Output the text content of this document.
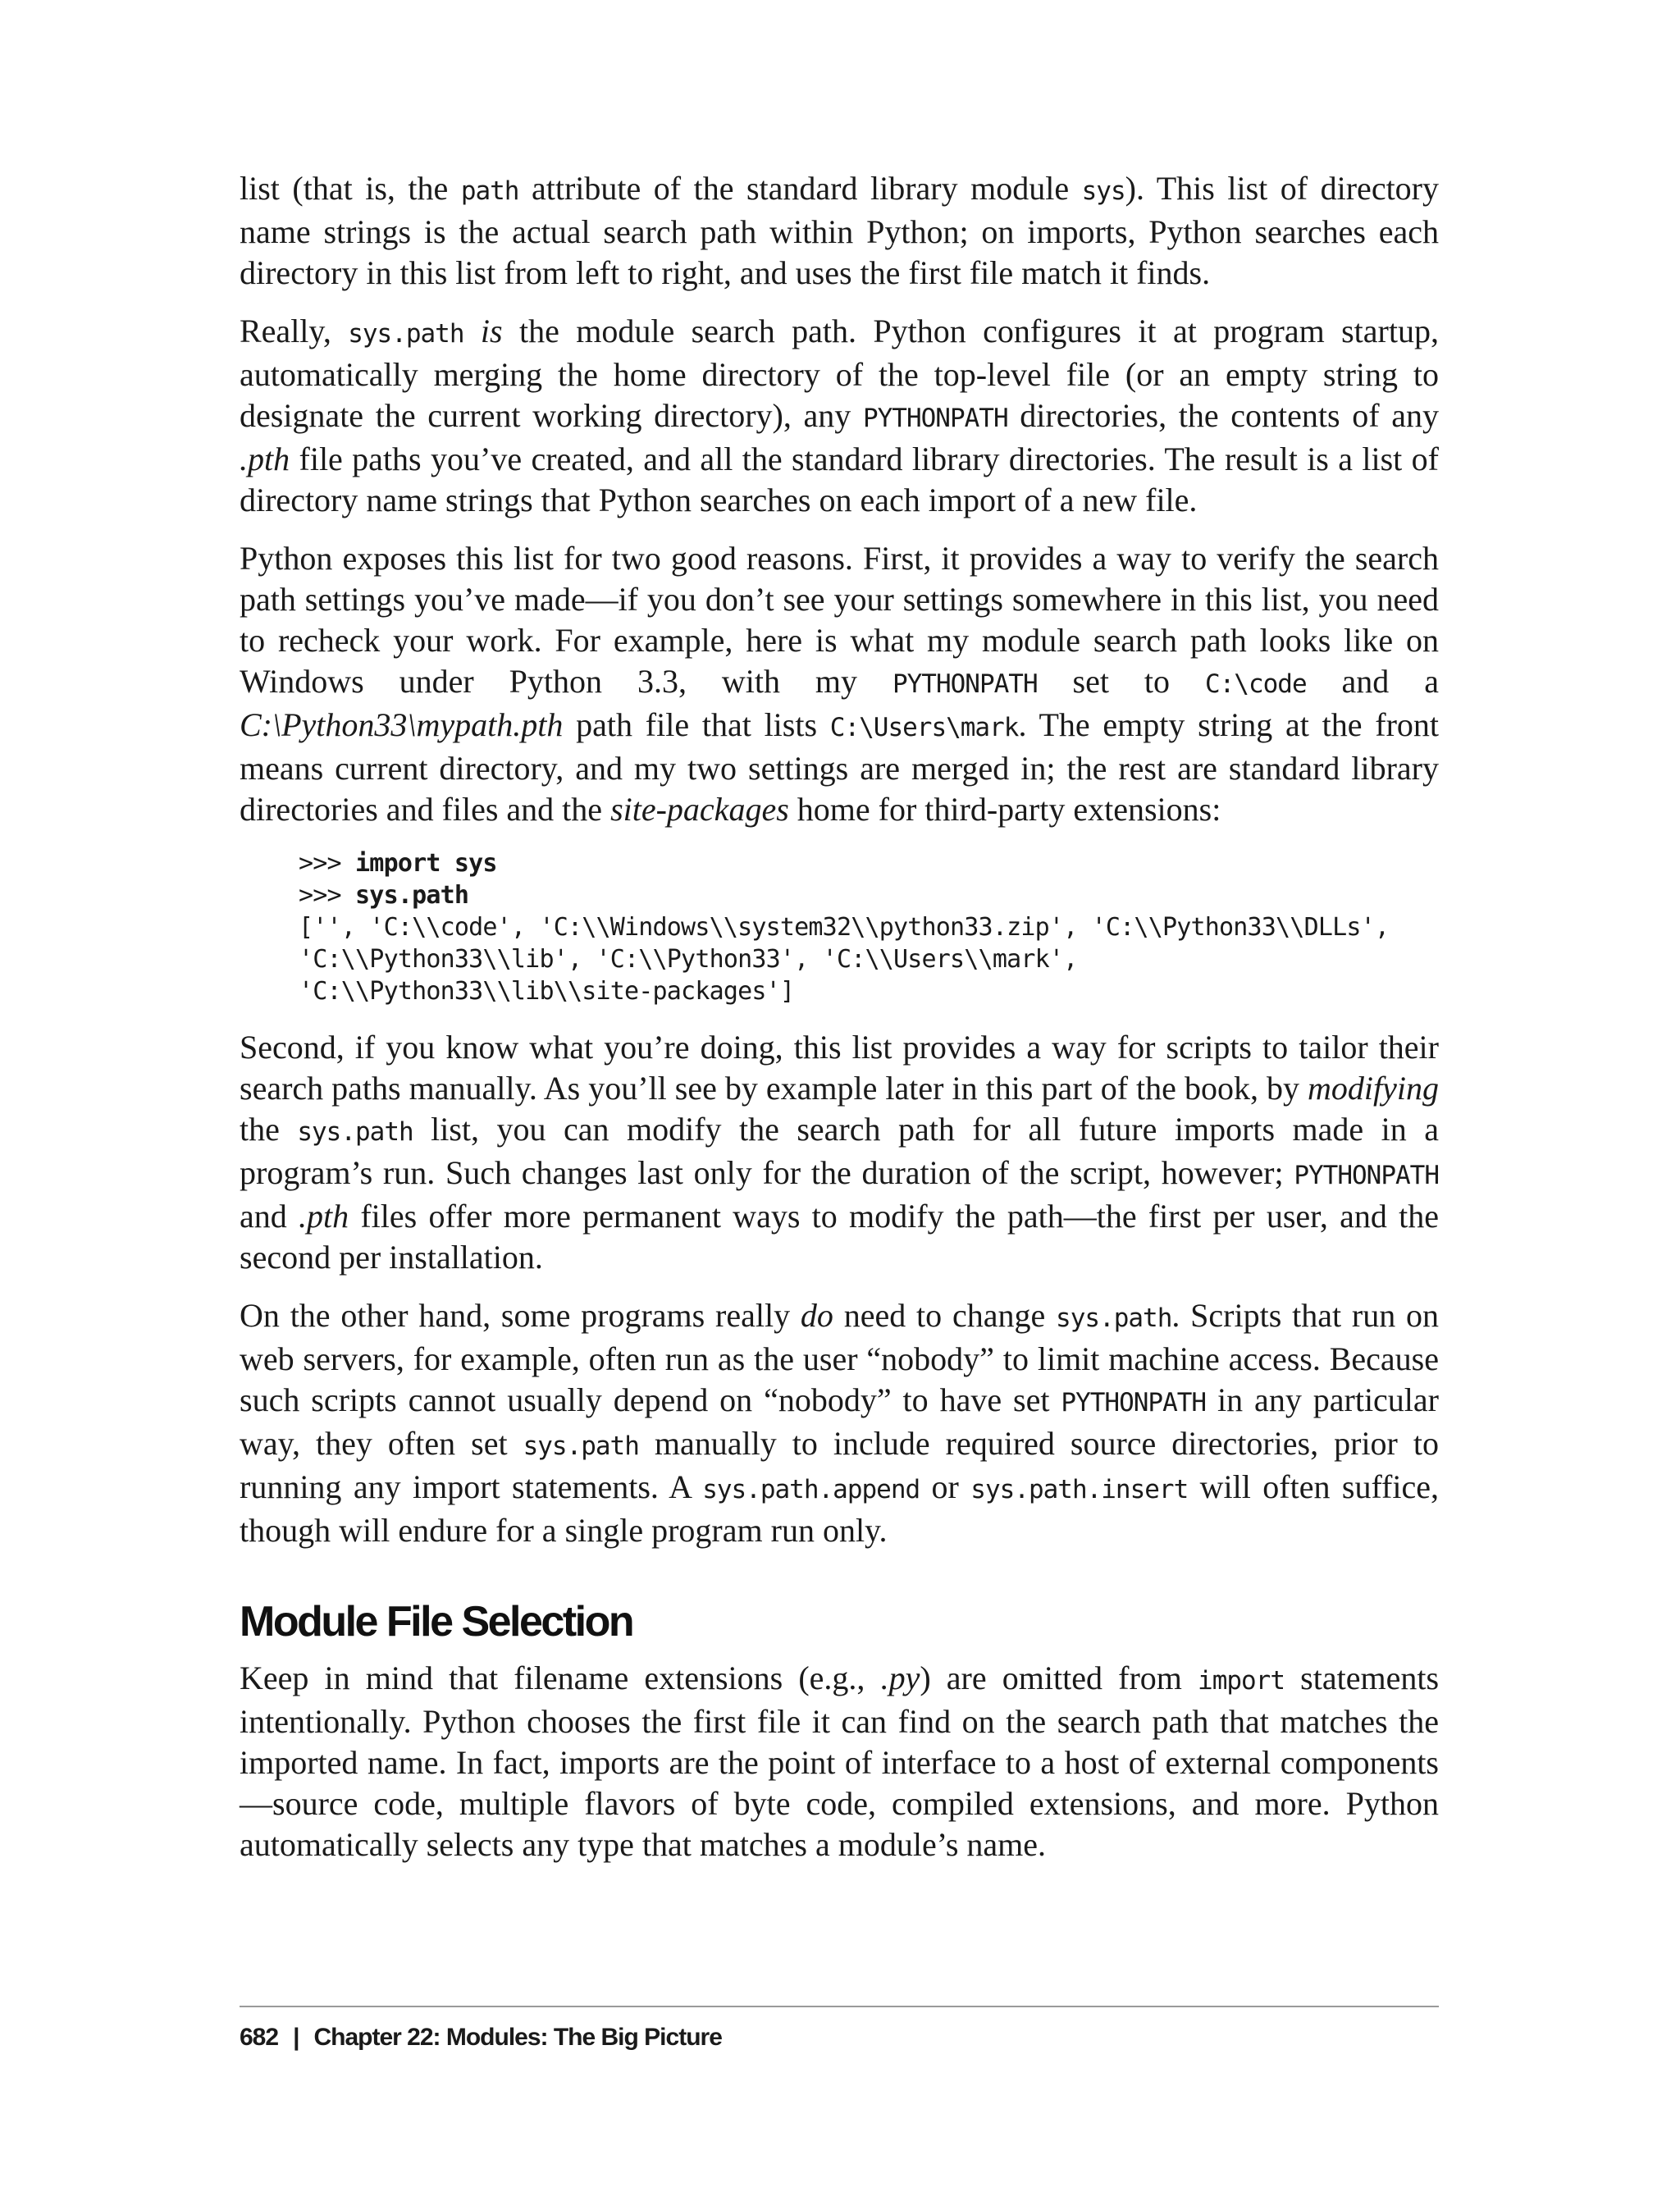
list (that is, the path attribute of the standard library module sys). This list of directory name strings is the actual search path within Python; on imports, Python searches each directory in this list from left to right, and uses the first file match it finds.

Really, sys.path is the module search path. Python configures it at program startup, automatically merging the home directory of the top-level file (or an empty string to designate the current working directory), any PYTHONPATH directories, the contents of any .pth file paths you’ve created, and all the standard library directories. The result is a list of directory name strings that Python searches on each import of a new file.

Python exposes this list for two good reasons. First, it provides a way to verify the search path settings you’ve made—if you don’t see your settings somewhere in this list, you need to recheck your work. For example, here is what my module search path looks like on Windows under Python 3.3, with my PYTHONPATH set to C:\code and a C:\Python33\mypath.pth path file that lists C:\Users\mark. The empty string at the front means current directory, and my two settings are merged in; the rest are standard library directories and files and the site-packages home for third-party extensions:

>>> import sys
>>> sys.path
['', 'C:\\code', 'C:\\Windows\\system32\\python33.zip', 'C:\\Python33\\DLLs',
'C:\\Python33\\lib', 'C:\\Python33', 'C:\\Users\\mark',
'C:\\Python33\\lib\\site-packages']

Second, if you know what you’re doing, this list provides a way for scripts to tailor their search paths manually. As you’ll see by example later in this part of the book, by modifying the sys.path list, you can modify the search path for all future imports made in a program’s run. Such changes last only for the duration of the script, however; PYTHONPATH and .pth files offer more permanent ways to modify the path—the first per user, and the second per installation.

On the other hand, some programs really do need to change sys.path. Scripts that run on web servers, for example, often run as the user “nobody” to limit machine access. Because such scripts cannot usually depend on “nobody” to have set PYTHONPATH in any particular way, they often set sys.path manually to include required source directories, prior to running any import statements. A sys.path.append or sys.path.insert will often suffice, though will endure for a single program run only.

Module File Selection

Keep in mind that filename extensions (e.g., .py) are omitted from import statements intentionally. Python chooses the first file it can find on the search path that matches the imported name. In fact, imports are the point of interface to a host of external components—source code, multiple flavors of byte code, compiled extensions, and more. Python automatically selects any type that matches a module’s name.

682 | Chapter 22: Modules: The Big Picture
